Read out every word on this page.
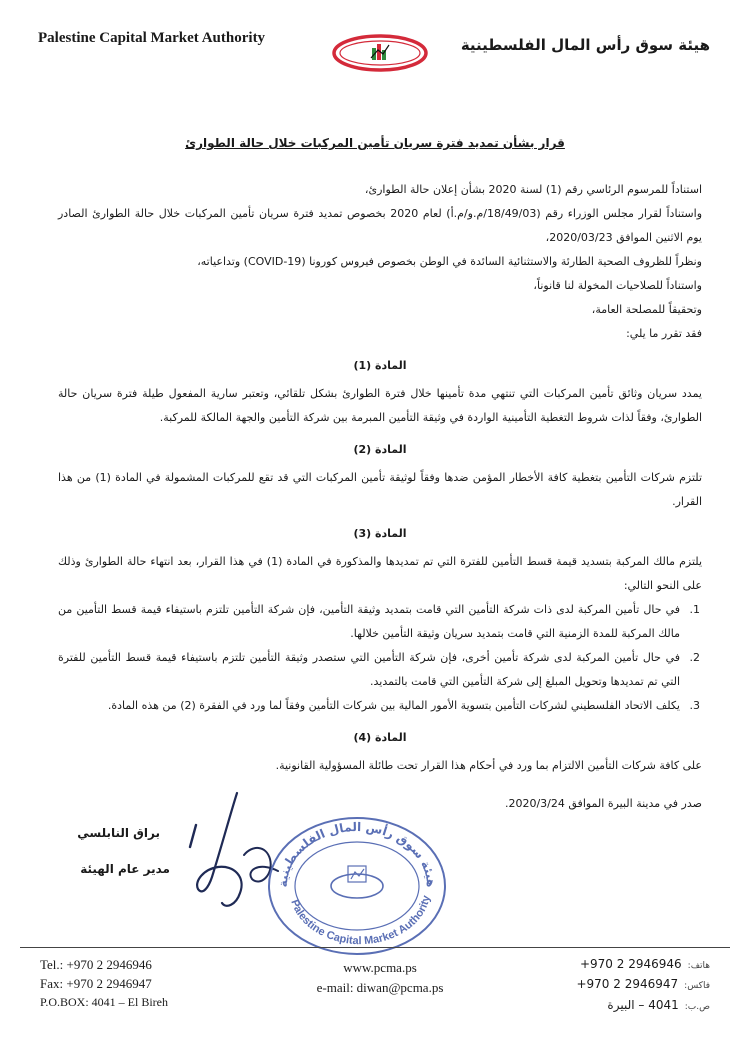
Palestine Capital Market Authority	هيئة سوق رأس المال الفلسطينية
قرار بشأن تمديد فترة سريان تأمين المركبات خلال حالة الطوارئ

استناداً للمرسوم الرئاسي رقم (1) لسنة 2020 بشأن إعلان حالة الطوارئ،

واستناداً لقرار مجلس الوزراء رقم (18/49/03/م.و/م.أ) لعام 2020 بخصوص تمديد فترة سريان تأمين المركبات خلال حالة الطوارئ الصادر يوم الاثنين الموافق 2020/03/23،

ونظراً للظروف الصحية الطارئة والاستثنائية السائدة في الوطن بخصوص فيروس كورونا (COVID-19) وتداعياته،

واستناداً للصلاحيات المخولة لنا قانوناً،

وتحقيقاً للمصلحة العامة،

فقد تقرر ما يلي:

المادة (1)

يمدد سريان وثائق تأمين المركبات التي تنتهي مدة تأمينها خلال فترة الطوارئ بشكل تلقائي، وتعتبر سارية المفعول طيلة فترة سريان حالة الطوارئ، وفقاً لذات شروط التغطية التأمينية الواردة في وثيقة التأمين المبرمة بين شركة التأمين والجهة المالكة للمركبة.

المادة (2)

تلتزم شركات التأمين بتغطية كافة الأخطار المؤمن ضدها وفقاً لوثيقة تأمين المركبات التي قد تقع للمركبات المشمولة في المادة (1) من هذا القرار.

المادة (3)

يلتزم مالك المركبة بتسديد قيمة قسط التأمين للفترة التي تم تمديدها والمذكورة في المادة (1) في هذا القرار، بعد انتهاء حالة الطوارئ وذلك على النحو التالي:

1.
في حال تأمين المركبة لدى ذات شركة التأمين التي قامت بتمديد وثيقة التأمين، فإن شركة التأمين تلتزم باستيفاء قيمة قسط التأمين من مالك المركبة للمدة الزمنية التي قامت بتمديد سريان وثيقة التأمين خلالها.
2.
في حال تأمين المركبة لدى شركة تأمين أخرى، فإن شركة التأمين التي ستصدر وثيقة التأمين تلتزم باستيفاء قيمة قسط التأمين للفترة التي تم تمديدها وتحويل المبلغ إلى شركة التأمين التي قامت بالتمديد.
3.
يكلف الاتحاد الفلسطيني لشركات التأمين بتسوية الأمور المالية بين شركات التأمين وفقاً لما ورد في الفقرة (2) من هذه المادة.

المادة (4)

على كافة شركات التأمين الالتزام بما ورد في أحكام هذا القرار تحت طائلة المسؤولية القانونية.

صدر في مدينة البيرة الموافق 2020/3/24.

براق النابلسي
مدير عام الهيئة
هيئة سوق رأس المال الفلسطينية
Palestine Capital Market Authority
Tel.: +970 2 2946946
Fax: +970 2 2946947
P.O.BOX: 4041 – El Bireh
www.pcma.ps
e-mail: diwan@pcma.ps
هاتف:+970 2 2946946
فاكس:+970 2 2946947
ص.ب:4041 – البيرة
